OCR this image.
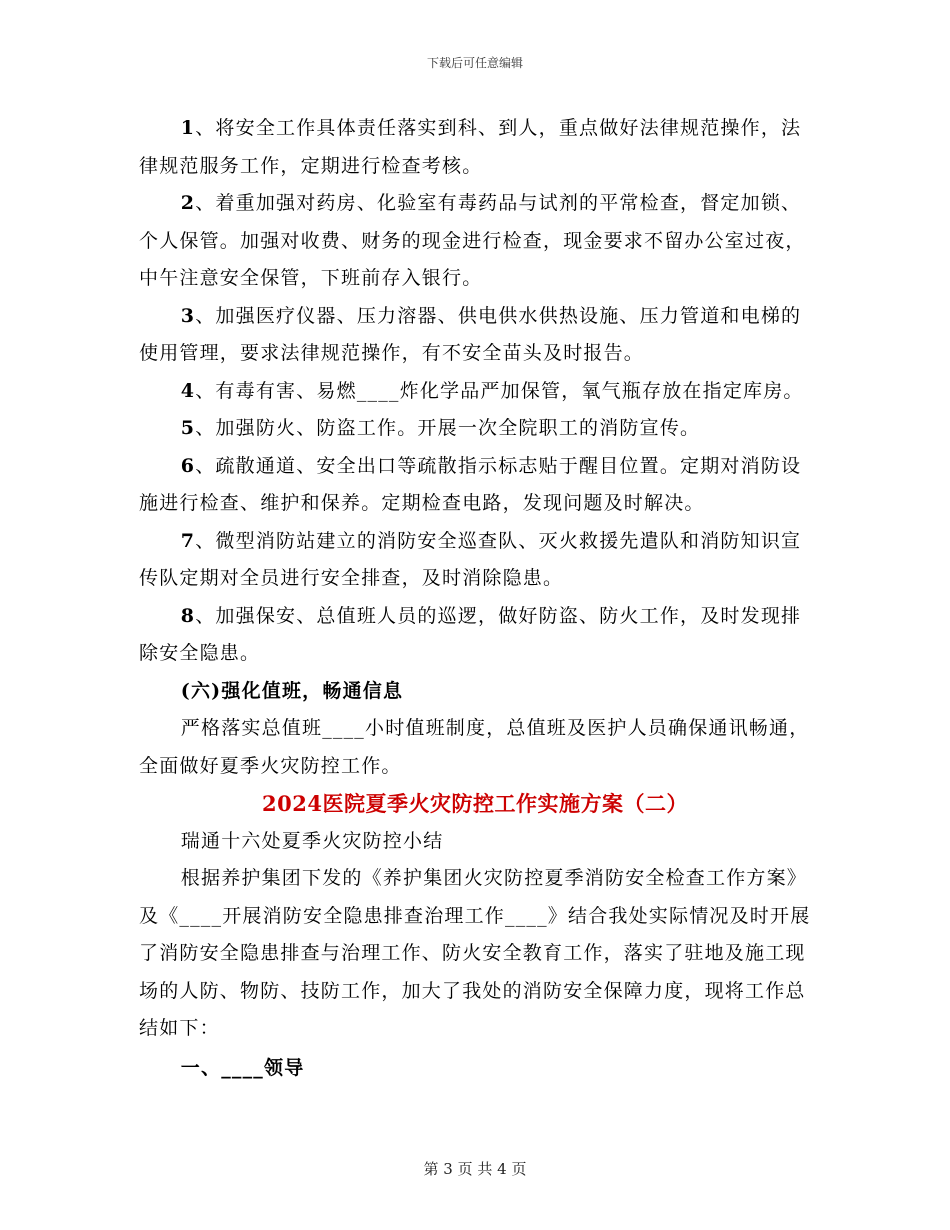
下载后可任意编辑

1、将安全工作具体责任落实到科、到人，重点做好法律规范操作，法律规范服务工作，定期进行检查考核。

2、着重加强对药房、化验室有毒药品与试剂的平常检查，督定加锁、个人保管。加强对收费、财务的现金进行检查，现金要求不留办公室过夜，中午注意安全保管，下班前存入银行。

3、加强医疗仪器、压力溶器、供电供水供热设施、压力管道和电梯的使用管理，要求法律规范操作，有不安全苗头及时报告。

4、有毒有害、易燃____炸化学品严加保管，氧气瓶存放在指定库房。

5、加强防火、防盗工作。开展一次全院职工的消防宣传。

6、疏散通道、安全出口等疏散指示标志贴于醒目位置。定期对消防设施进行检查、维护和保养。定期检查电路，发现问题及时解决。

7、微型消防站建立的消防安全巡查队、灭火救援先遣队和消防知识宣传队定期对全员进行安全排查，及时消除隐患。

8、加强保安、总值班人员的巡逻，做好防盗、防火工作，及时发现排除安全隐患。

(六)强化值班，畅通信息

严格落实总值班____小时值班制度，总值班及医护人员确保通讯畅通，全面做好夏季火灾防控工作。

2024医院夏季火灾防控工作实施方案（二）

瑞通十六处夏季火灾防控小结

根据养护集团下发的《养护集团火灾防控夏季消防安全检查工作方案》及《____开展消防安全隐患排查治理工作____》结合我处实际情况及时开展了消防安全隐患排查与治理工作、防火安全教育工作，落实了驻地及施工现场的人防、物防、技防工作，加大了我处的消防安全保障力度，现将工作总结如下：

一、____领导

第 3 页 共 4 页
